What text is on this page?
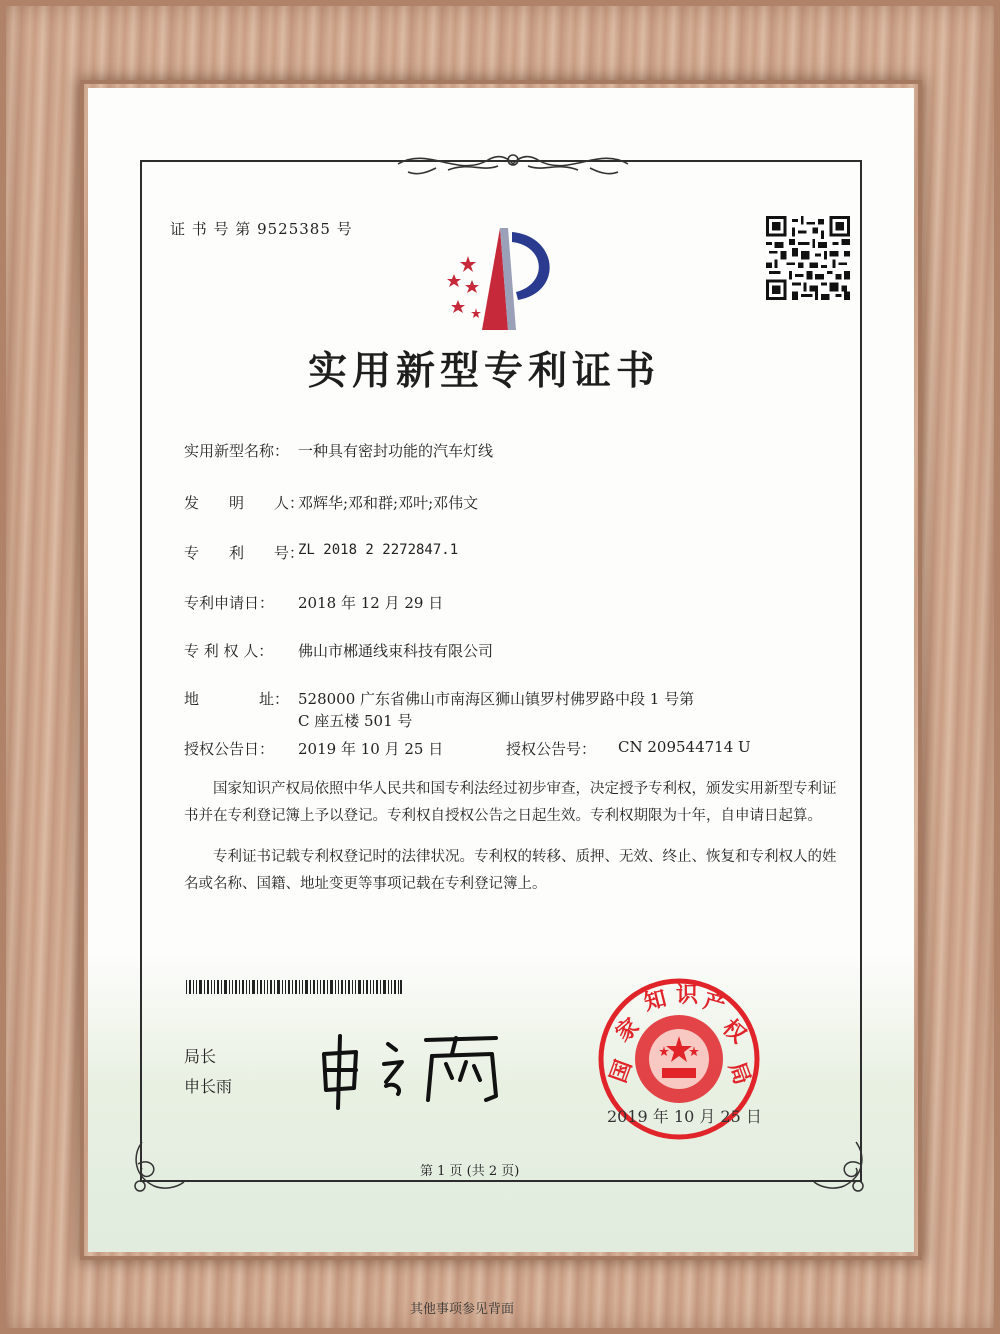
证 书 号 第 9525385 号
实用新型专利证书
实用新型名称： 一种具有密封功能的汽车灯线
发　　明　　人：
邓辉华;邓和群;邓叶;邓伟文
专　　利　　号：
ZL 2018 2 2272847.1
专利申请日： 2018 年 12 月 29 日
专 利 权 人： 佛山市郴通线束科技有限公司
地　　　　址： 528000 广东省佛山市南海区狮山镇罗村佛罗路中段 1 号第
C 座五楼 501 号
授权公告日： 2019 年 10 月 25 日	授权公告号： CN 209544714 U
国家知识产权局依照中华人民共和国专利法经过初步审查，决定授予专利权，颁发实用新型专利证书并在专利登记簿上予以登记。专利权自授权公告之日起生效。专利权期限为十年，自申请日起算。
专利证书记载专利权登记时的法律状况。专利权的转移、质押、无效、终止、恢复和专利权人的姓名或名称、国籍、地址变更等事项记载在专利登记簿上。
局长
申长雨
国
家
知 识 产
权
局
2019 年 10 月 25 日
第 1 页 (共 2 页)
其他事项参见背面
